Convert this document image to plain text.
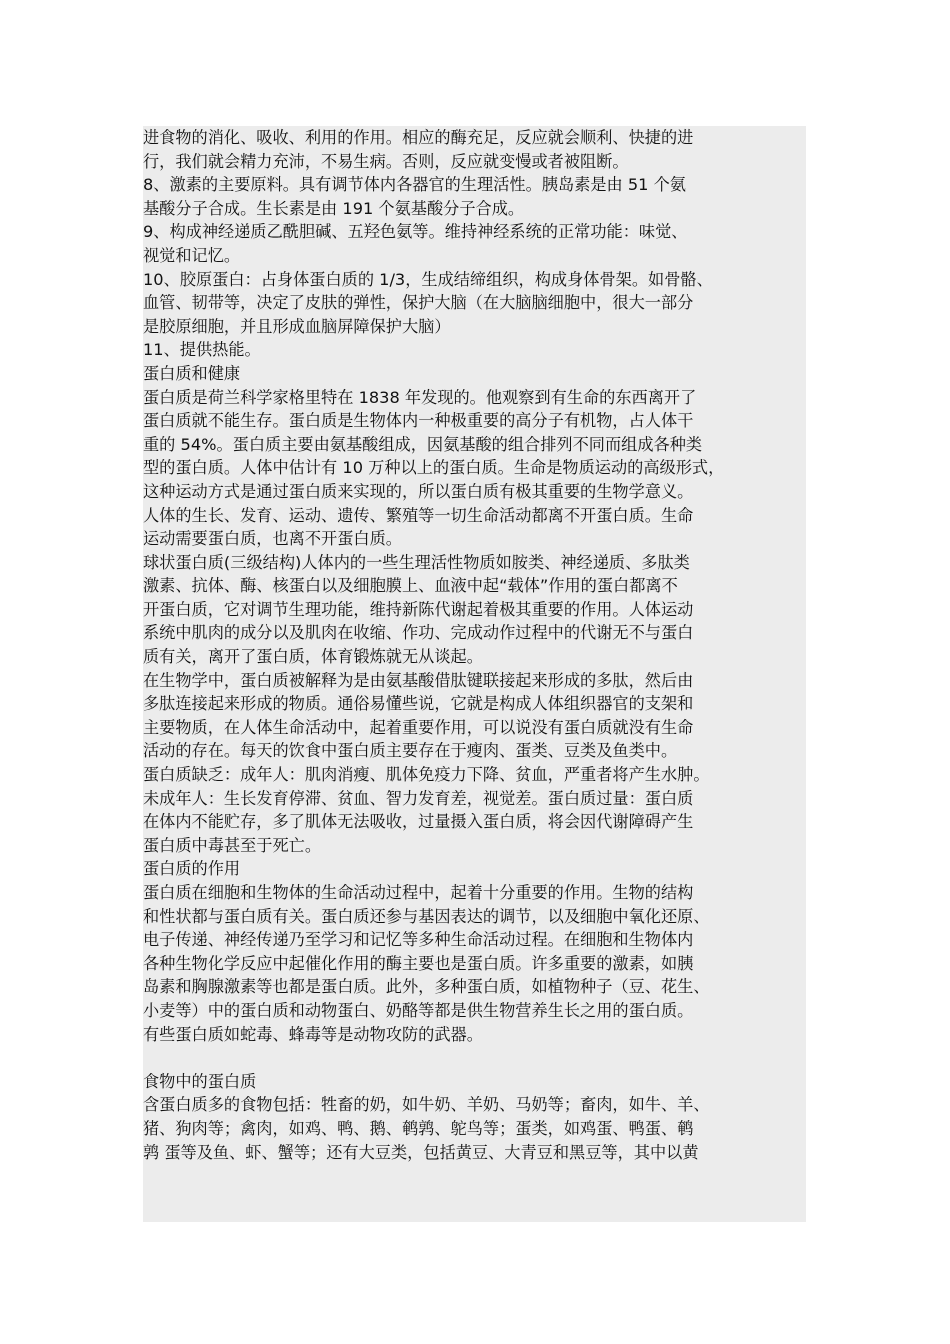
进食物的消化、吸收、利用的作用。相应的酶充足，反应就会顺利、快捷的进
行，我们就会精力充沛，不易生病。否则，反应就变慢或者被阻断。
8、激素的主要原料。具有调节体内各器官的生理活性。胰岛素是由 51 个氨
基酸分子合成。生长素是由 191 个氨基酸分子合成。
9、构成神经递质乙酰胆碱、五羟色氨等。维持神经系统的正常功能：味觉、
视觉和记忆。
10、胶原蛋白：占身体蛋白质的 1/3，生成结缔组织，构成身体骨架。如骨骼、
血管、韧带等，决定了皮肤的弹性，保护大脑（在大脑脑细胞中，很大一部分
是胶原细胞，并且形成血脑屏障保护大脑）
11、提供热能。
蛋白质和健康
蛋白质是荷兰科学家格里特在 1838 年发现的。他观察到有生命的东西离开了
蛋白质就不能生存。蛋白质是生物体内一种极重要的高分子有机物，占人体干
重的 54%。蛋白质主要由氨基酸组成，因氨基酸的组合排列不同而组成各种类
型的蛋白质。人体中估计有 10 万种以上的蛋白质。生命是物质运动的高级形式，
这种运动方式是通过蛋白质来实现的，所以蛋白质有极其重要的生物学意义。
人体的生长、发育、运动、遗传、繁殖等一切生命活动都离不开蛋白质。生命
运动需要蛋白质，也离不开蛋白质。
球状蛋白质(三级结构)人体内的一些生理活性物质如胺类、神经递质、多肽类
激素、抗体、酶、核蛋白以及细胞膜上、血液中起“载体”作用的蛋白都离不
开蛋白质，它对调节生理功能，维持新陈代谢起着极其重要的作用。人体运动
系统中肌肉的成分以及肌肉在收缩、作功、完成动作过程中的代谢无不与蛋白
质有关，离开了蛋白质，体育锻炼就无从谈起。
在生物学中，蛋白质被解释为是由氨基酸借肽键联接起来形成的多肽，然后由
多肽连接起来形成的物质。通俗易懂些说，它就是构成人体组织器官的支架和
主要物质，在人体生命活动中，起着重要作用，可以说没有蛋白质就没有生命
活动的存在。每天的饮食中蛋白质主要存在于瘦肉、蛋类、豆类及鱼类中。
蛋白质缺乏：成年人：肌肉消瘦、肌体免疫力下降、贫血，严重者将产生水肿。
未成年人：生长发育停滞、贫血、智力发育差，视觉差。蛋白质过量：蛋白质
在体内不能贮存，多了肌体无法吸收，过量摄入蛋白质，将会因代谢障碍产生
蛋白质中毒甚至于死亡。
蛋白质的作用
蛋白质在细胞和生物体的生命活动过程中，起着十分重要的作用。生物的结构
和性状都与蛋白质有关。蛋白质还参与基因表达的调节，以及细胞中氧化还原、
电子传递、神经传递乃至学习和记忆等多种生命活动过程。在细胞和生物体内
各种生物化学反应中起催化作用的酶主要也是蛋白质。许多重要的激素，如胰
岛素和胸腺激素等也都是蛋白质。此外，多种蛋白质，如植物种子（豆、花生、
小麦等）中的蛋白质和动物蛋白、奶酪等都是供生物营养生长之用的蛋白质。
有些蛋白质如蛇毒、蜂毒等是动物攻防的武器。
食物中的蛋白质
含蛋白质多的食物包括：牲畜的奶，如牛奶、羊奶、马奶等；畜肉，如牛、羊、
猪、狗肉等；禽肉，如鸡、鸭、鹅、鹌鹑、鸵鸟等；蛋类，如鸡蛋、鸭蛋、鹌
鹑 蛋等及鱼、虾、蟹等；还有大豆类，包括黄豆、大青豆和黑豆等，其中以黄
